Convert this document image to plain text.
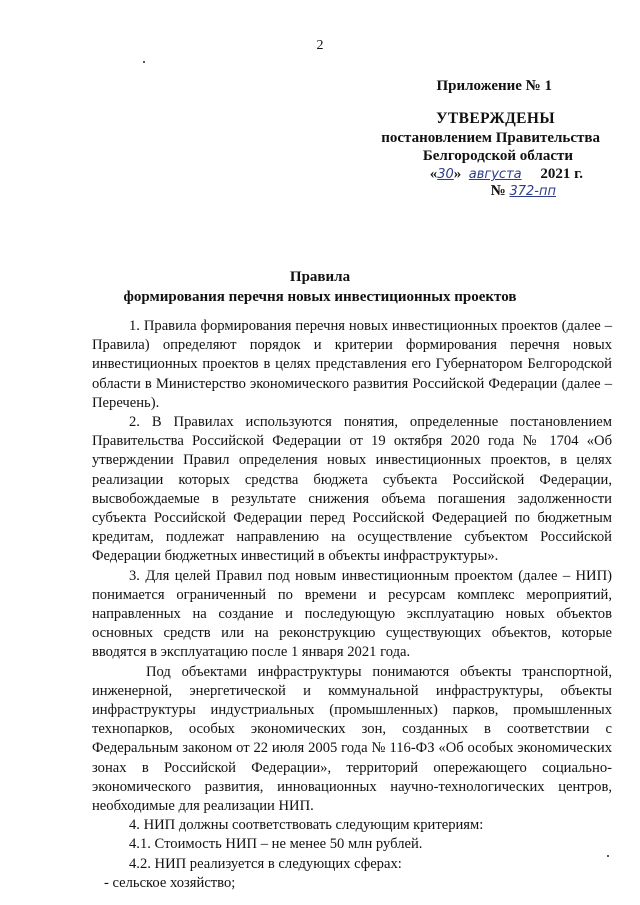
2
Приложение № 1
УТВЕРЖДЕНЫ
постановлением Правительства
Белгородской области
«30» августа 2021 г.
№ 372-пп
Правила
формирования перечня новых инвестиционных проектов

1. Правила формирования перечня новых инвестиционных проектов (далее – Правила) определяют порядок и критерии формирования перечня новых инвестиционных проектов в целях представления его Губернатором Белгородской области в Министерство экономического развития Российской Федерации (далее – Перечень).

2. В Правилах используются понятия, определенные постановлением Правительства Российской Федерации от 19 октября 2020 года № 1704 «Об утверждении Правил определения новых инвестиционных проектов, в целях реализации которых средства бюджета субъекта Российской Федерации, высвобождаемые в результате снижения объема погашения задолженности субъекта Российской Федерации перед Российской Федерацией по бюджетным кредитам, подлежат направлению на осуществление субъектом Российской Федерации бюджетных инвестиций в объекты инфраструктуры».

3. Для целей Правил под новым инвестиционным проектом (далее – НИП) понимается ограниченный по времени и ресурсам комплекс мероприятий, направленных на создание и последующую эксплуатацию новых объектов основных средств или на реконструкцию существующих объектов, которые вводятся в эксплуатацию после 1 января 2021 года.

Под объектами инфраструктуры понимаются объекты транспортной, инженерной, энергетической и коммунальной инфраструктуры, объекты инфраструктуры индустриальных (промышленных) парков, промышленных технопарков, особых экономических зон, созданных в соответствии с Федеральным законом от 22 июля 2005 года № 116-ФЗ «Об особых экономических зонах в Российской Федерации», территорий опережающего социально-экономического развития, инновационных научно-технологических центров, необходимые для реализации НИП.

4. НИП должны соответствовать следующим критериям:

4.1. Стоимость НИП – не менее 50 млн рублей.

4.2. НИП реализуется в следующих сферах:

- сельское хозяйство;
